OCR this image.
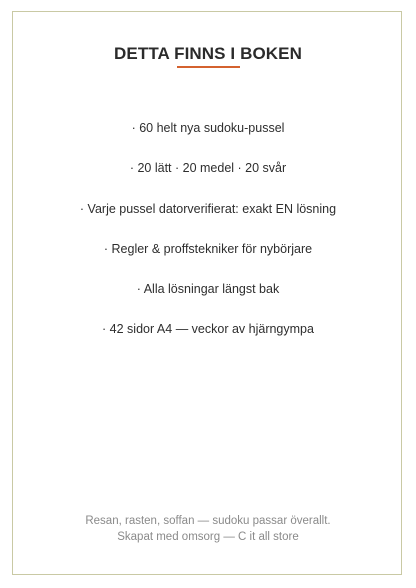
DETTA FINNS I BOKEN
· 60 helt nya sudoku-pussel
· 20 lätt · 20 medel · 20 svår
· Varje pussel datorverifierat: exakt EN lösning
· Regler & proffstekniker för nybörjare
· Alla lösningar längst bak
· 42 sidor A4 — veckor av hjärngympa
Resan, rasten, soffan — sudoku passar överallt.
Skapat med omsorg — C it all store
